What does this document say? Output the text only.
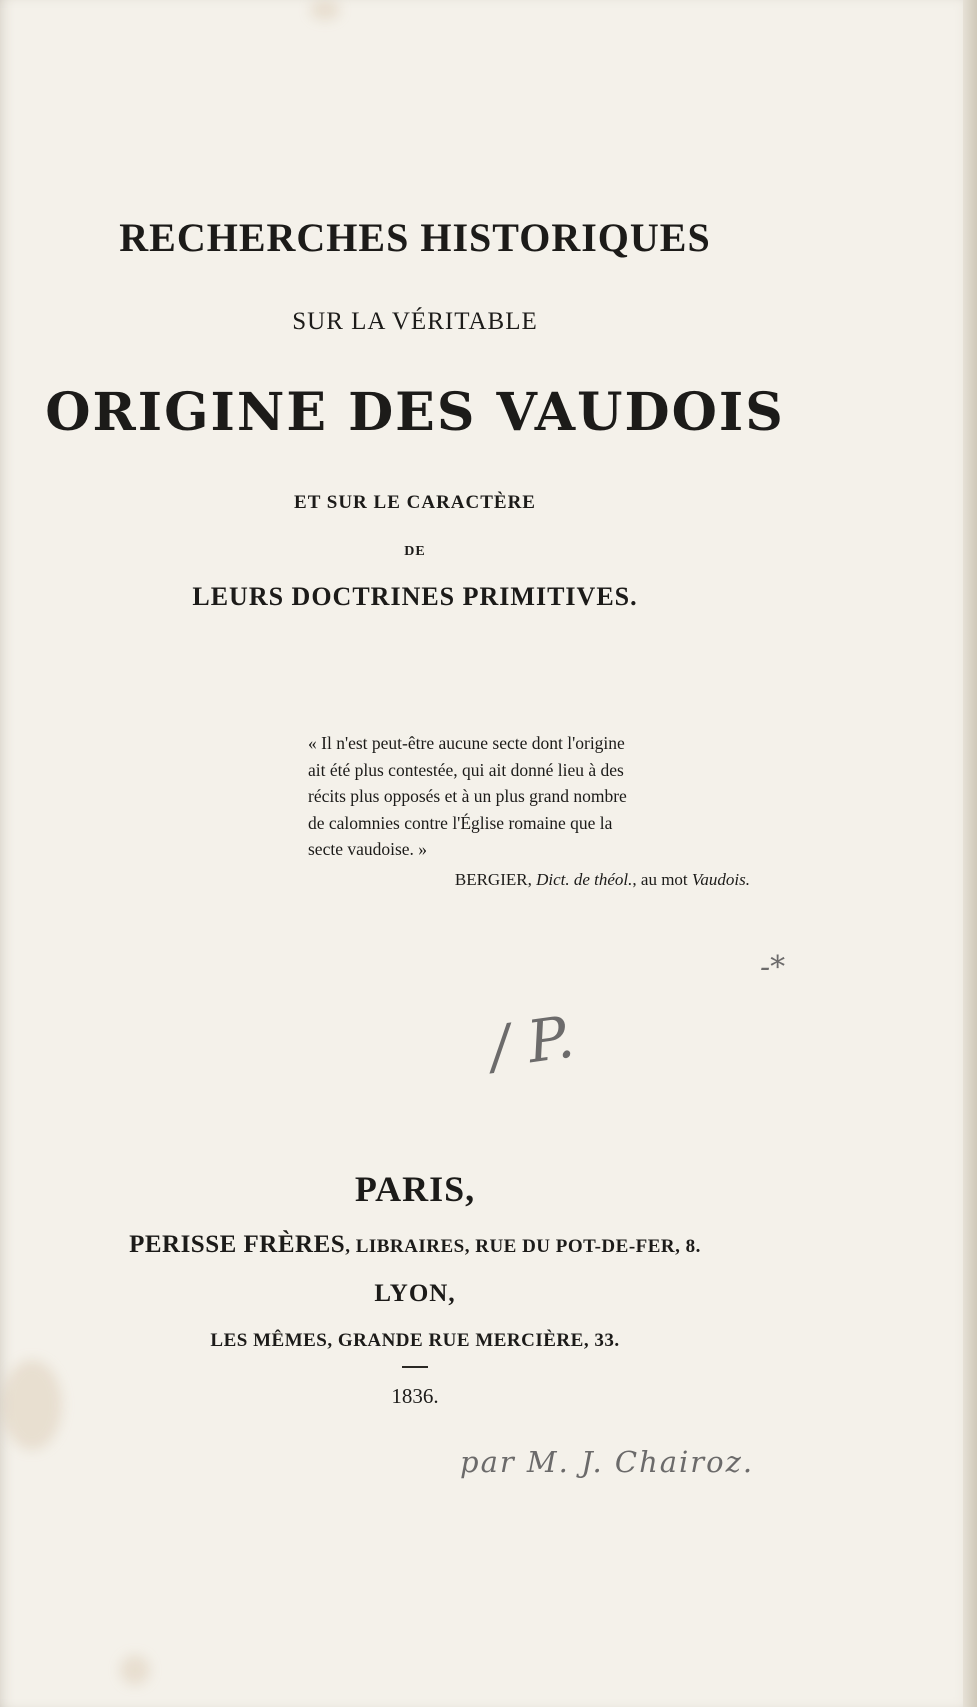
RECHERCHES HISTORIQUES
SUR LA VÉRITABLE
ORIGINE DES VAUDOIS
ET SUR LE CARACTÈRE
DE
LEURS DOCTRINES PRIMITIVES.
« Il n'est peut-être aucune secte dont l'origine
ait été plus contestée, qui ait donné lieu à des
récits plus opposés et à un plus grand nombre
de calomnies contre l'Église romaine que la
secte vaudoise. »
BERGIER, Dict. de théol., au mot Vaudois.
PARIS,
PERISSE FRÈRES, LIBRAIRES, RUE DU POT-DE-FER, 8.
LYON,
LES MÊMES, GRANDE RUE MERCIÈRE, 33.
1836.
/ P.
-*
par M. J. Chairoz.
